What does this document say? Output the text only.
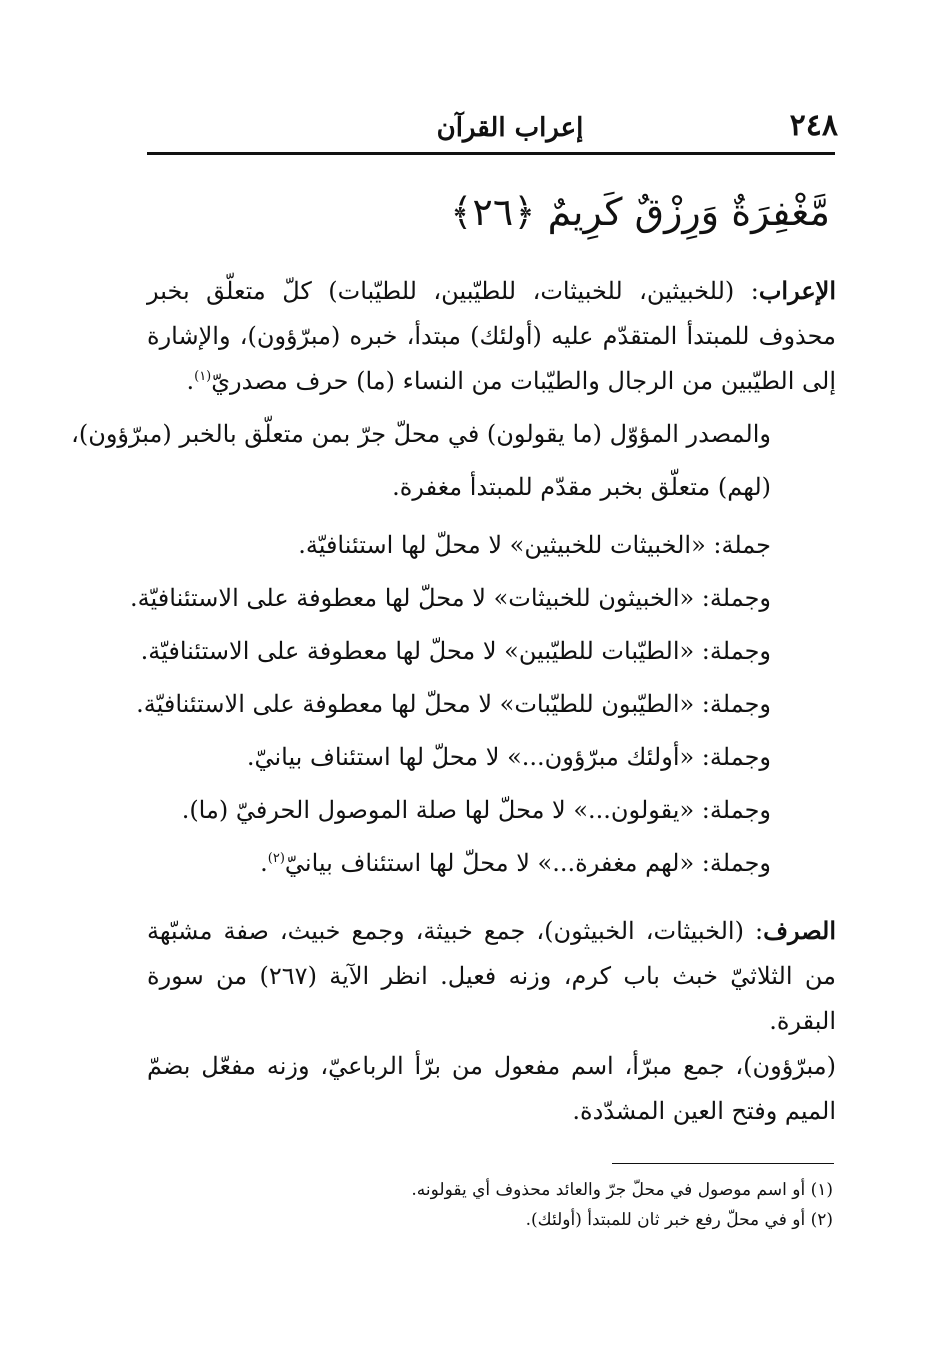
٢٤٨
إعراب القرآن
مَّغْفِرَةٌ وَرِزْقٌ كَرِيمٌ ﴿٢٦﴾
الإعراب: (للخبيثين، للخبيثات، للطيّبين، للطيّبات) كلّ متعلّق بخبر محذوف للمبتدأ المتقدّم عليه (أولئك) مبتدأ، خبره (مبرّؤون)، والإشارة إلى الطيّبين من الرجال والطيّبات من النساء (ما) حرف مصدريّ$^{(١)}$.
والمصدر المؤوّل (ما يقولون) في محلّ جرّ بمن متعلّق بالخبر (مبرّؤون)،
(لهم) متعلّق بخبر مقدّم للمبتدأ مغفرة.
جملة: «الخبيثات للخبيثين» لا محلّ لها استئنافيّة.
وجملة: «الخبيثون للخبيثات» لا محلّ لها معطوفة على الاستئنافيّة.
وجملة: «الطيّبات للطيّبين» لا محلّ لها معطوفة على الاستئنافيّة.
وجملة: «الطيّبون للطيّبات» لا محلّ لها معطوفة على الاستئنافيّة.
وجملة: «أولئك مبرّؤون...» لا محلّ لها استئناف بيانيّ.
وجملة: «يقولون...» لا محلّ لها صلة الموصول الحرفيّ (ما).
وجملة: «لهم مغفرة...» لا محلّ لها استئناف بيانيّ$^{(٢)}$.
الصرف: (الخبيثات، الخبيثون)، جمع خبيثة، وجمع خبيث، صفة مشبّهة من الثلاثيّ خبث باب كرم، وزنه فعيل. انظر الآية (٢٦٧) من سورة البقرة.
(مبرّؤون)، جمع مبرّأ، اسم مفعول من برّأ الرباعيّ، وزنه مفعّل بضمّ الميم وفتح العين المشدّدة.
(١) أو اسم موصول في محلّ جرّ والعائد محذوف أي يقولونه.
(٢) أو في محلّ رفع خبر ثان للمبتدأ (أولئك).
